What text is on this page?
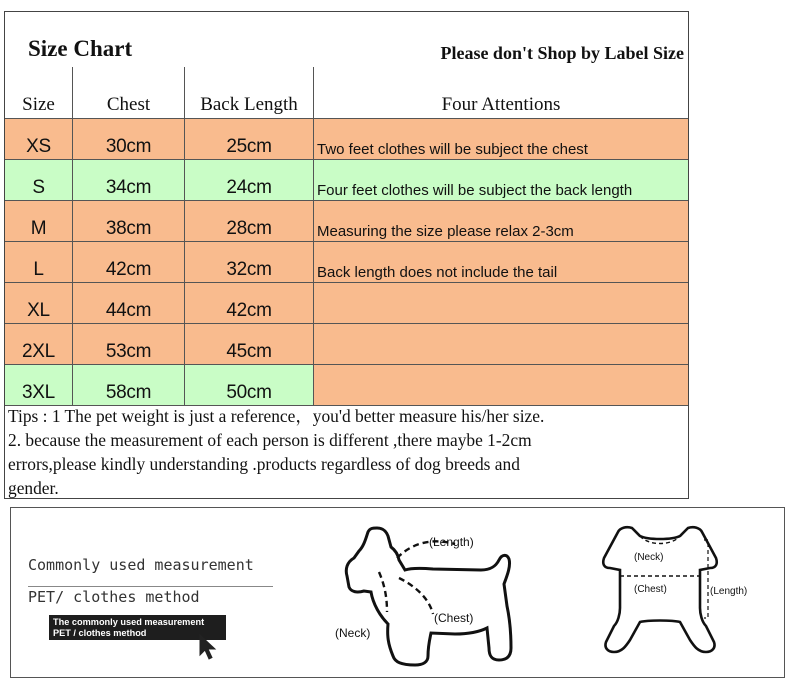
Size Chart	Please don't Shop by Label Size
Size	Chest	Back Length	Four Attentions
XS	30cm	25cm	Two feet clothes will be subject the chest
S	34cm	24cm	Four feet clothes will be subject the back length
M	38cm	28cm	Measuring the size please relax 2-3cm
L	42cm	32cm	Back length does not include the tail
XL	44cm	42cm
2XL	53cm	45cm
3XL	58cm	50cm
Tips : 1 The pet weight is just a reference，you'd better measure his/her size.
2. because the measurement of each person is different ,there maybe 1-2cm
errors,please kindly understanding .products regardless of dog breeds and
gender.
Commonly used measurement
PET/ clothes method
The commonly used measurement
PET / clothes method
(Length)
(Chest)
(Neck)
(Neck)
(Chest)	(Length)
